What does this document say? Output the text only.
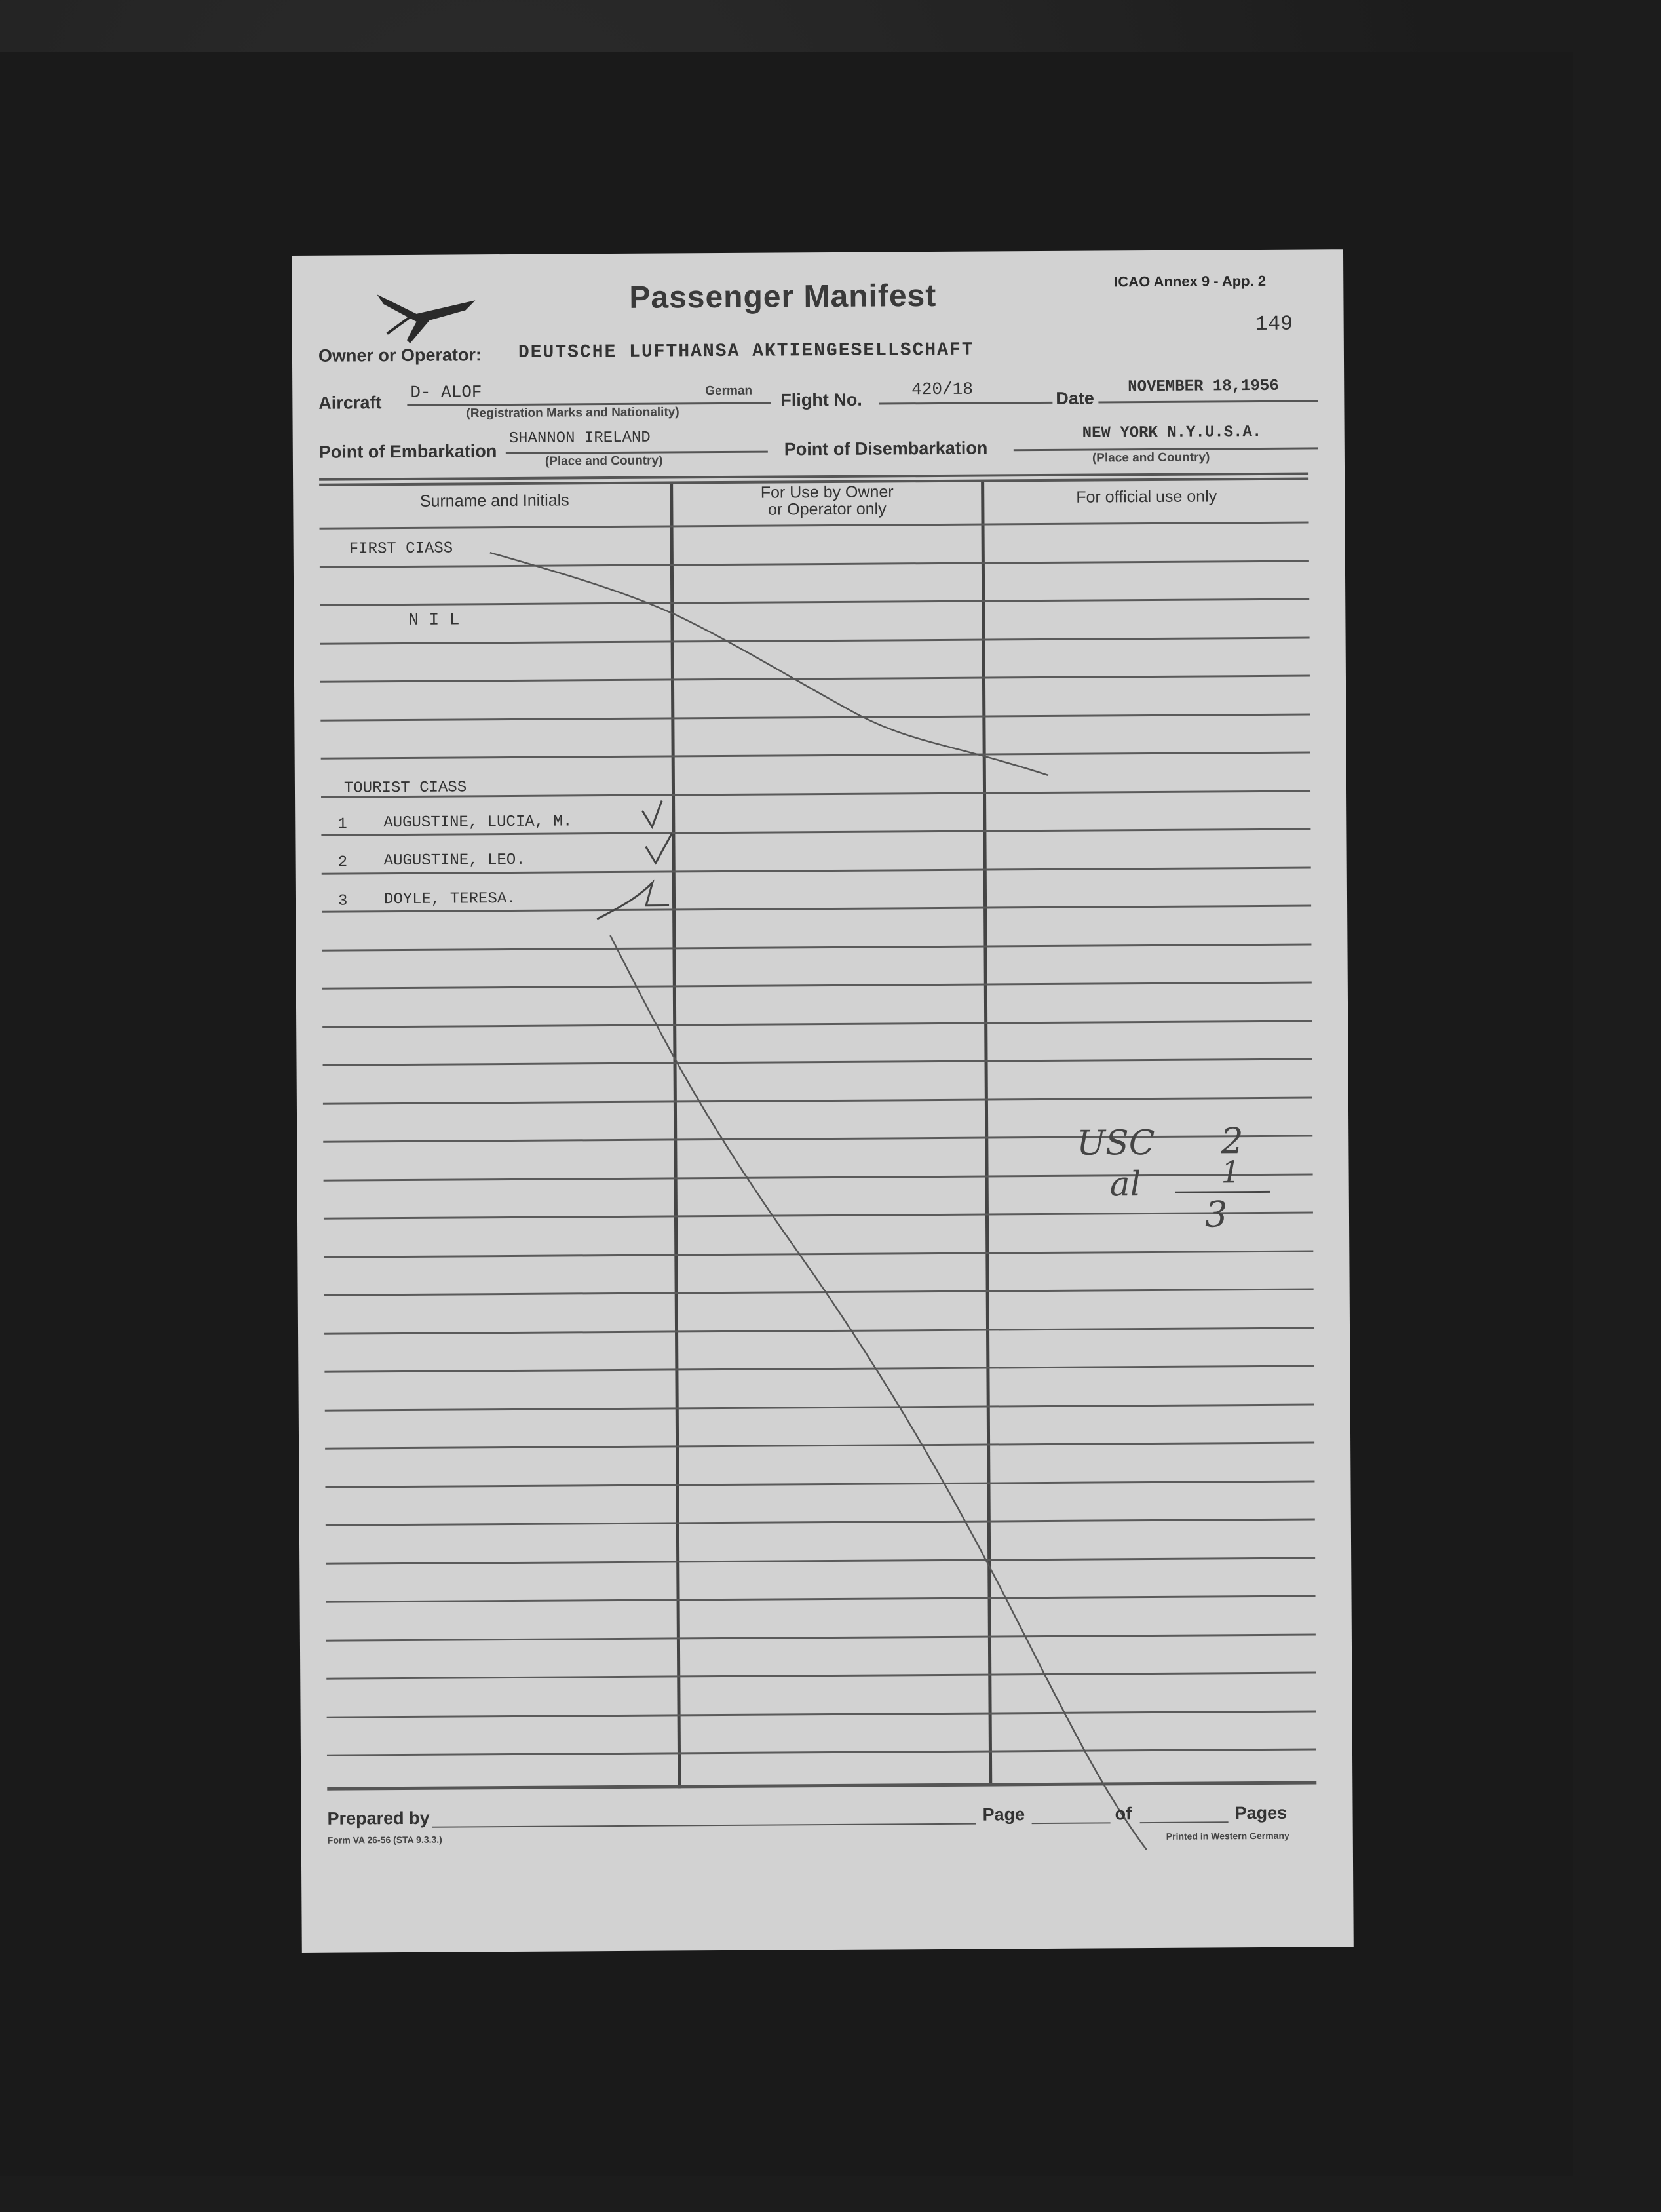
Passenger Manifest	ICAO Annex 9 - App. 2
149
Owner or Operator: DEUTSCHE LUFTHANSA AKTIENGESELLSCHAFT
Aircraft
D- ALOF	German
(Registration Marks and Nationality)
Flight No.
420/18	Date
NOVEMBER 18,1956
Point of Embarkation
SHANNON IRELAND
(Place and Country)
Point of Disembarkation
NEW YORK N.Y.U.S.A.
(Place and Country)
Surname and Initials	For Use by Owner
or Operator only
For official use only
FIRST CIASS
N I L
TOURIST CIASS
1 AUGUSTINE, LUCIA, M.
2 AUGUSTINE, LEO.
3 DOYLE, TERESA.
USC 2
al	1
3
Prepared by	Page	of	Pages
Form VA 26-56 (STA 9.3.3.)	Printed in Western Germany
